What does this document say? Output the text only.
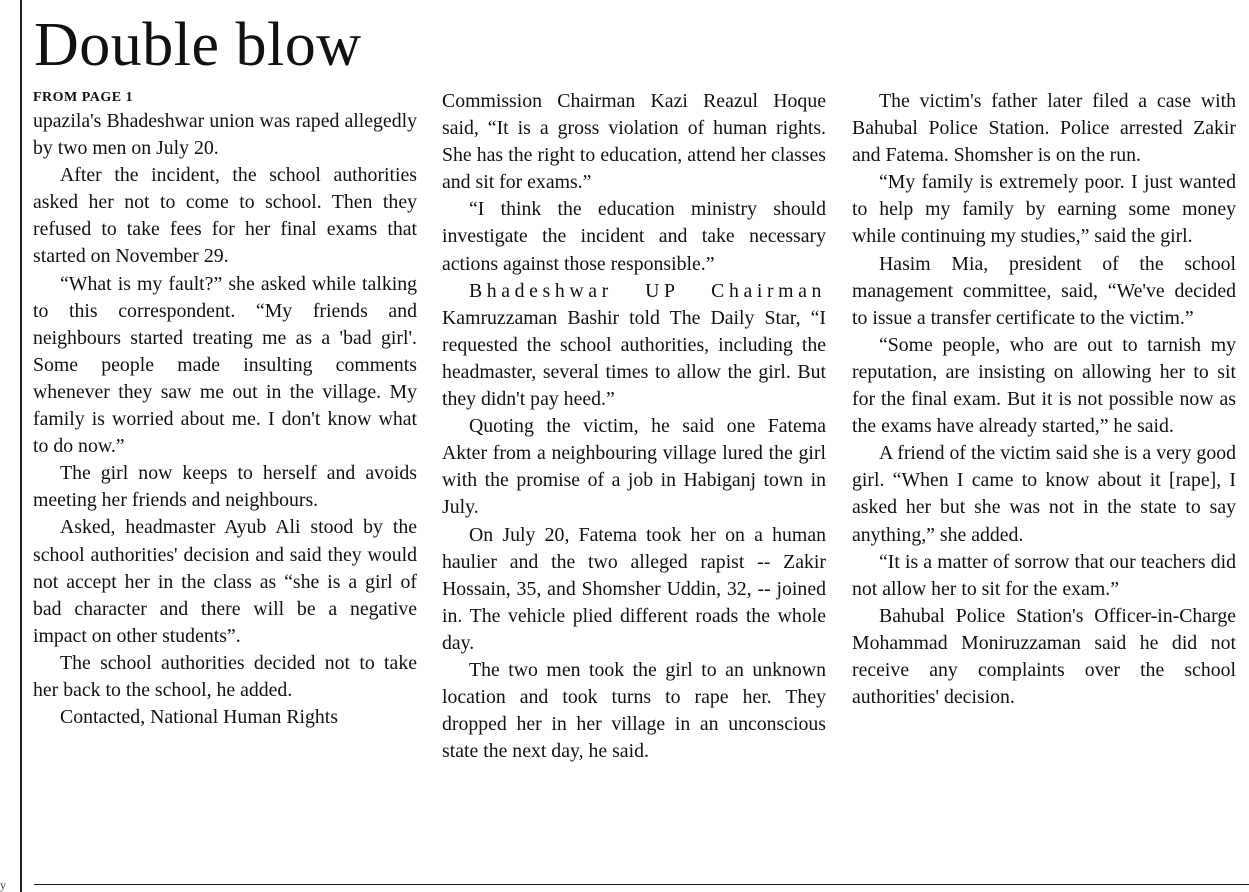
y
Double blow
FROM PAGE 1

upazila's Bhadeshwar union was raped allegedly by two men on July 20.

After the incident, the school authorities asked her not to come to school. Then they refused to take fees for her final exams that started on November 29.

“What is my fault?” she asked while talking to this correspondent. “My friends and neighbours started treating me as a 'bad girl'. Some people made insulting comments whenever they saw me out in the village. My family is worried about me. I don't know what to do now.”

The girl now keeps to herself and avoids meeting her friends and neighbours.

Asked, headmaster Ayub Ali stood by the school authorities' decision and said they would not accept her in the class as “she is a girl of bad character and there will be a negative impact on other students”.

The school authorities decided not to take her back to the school, he added.

Contacted, National Human Rights

Commission Chairman Kazi Reazul Hoque said, “It is a gross violation of human rights. She has the right to education, attend her classes and sit for exams.”

“I think the education ministry should investigate the incident and take necessary actions against those responsible.”

Bhadeshwar UP Chairman Kamruzzaman Bashir told The Daily Star, “I requested the school authorities, including the headmaster, several times to allow the girl. But they didn't pay heed.”

Quoting the victim, he said one Fatema Akter from a neighbouring village lured the girl with the promise of a job in Habiganj town in July.

On July 20, Fatema took her on a human haulier and the two alleged rapist -- Zakir Hossain, 35, and Shomsher Uddin, 32, -- joined in. The vehicle plied different roads the whole day.

The two men took the girl to an unknown location and took turns to rape her. They dropped her in her village in an unconscious state the next day, he said.

The victim's father later filed a case with Bahubal Police Station. Police arrested Zakir and Fatema. Shomsher is on the run.

“My family is extremely poor. I just wanted to help my family by earning some money while continuing my studies,” said the girl.

Hasim Mia, president of the school management committee, said, “We've decided to issue a transfer certificate to the victim.”

“Some people, who are out to tarnish my reputation, are insisting on allowing her to sit for the final exam. But it is not possible now as the exams have already started,” he said.

A friend of the victim said she is a very good girl. “When I came to know about it [rape], I asked her but she was not in the state to say anything,” she added.

“It is a matter of sorrow that our teachers did not allow her to sit for the exam.”

Bahubal Police Station's Officer-in-Charge Mohammad Moniruzzaman said he did not receive any complaints over the school authorities' decision.
